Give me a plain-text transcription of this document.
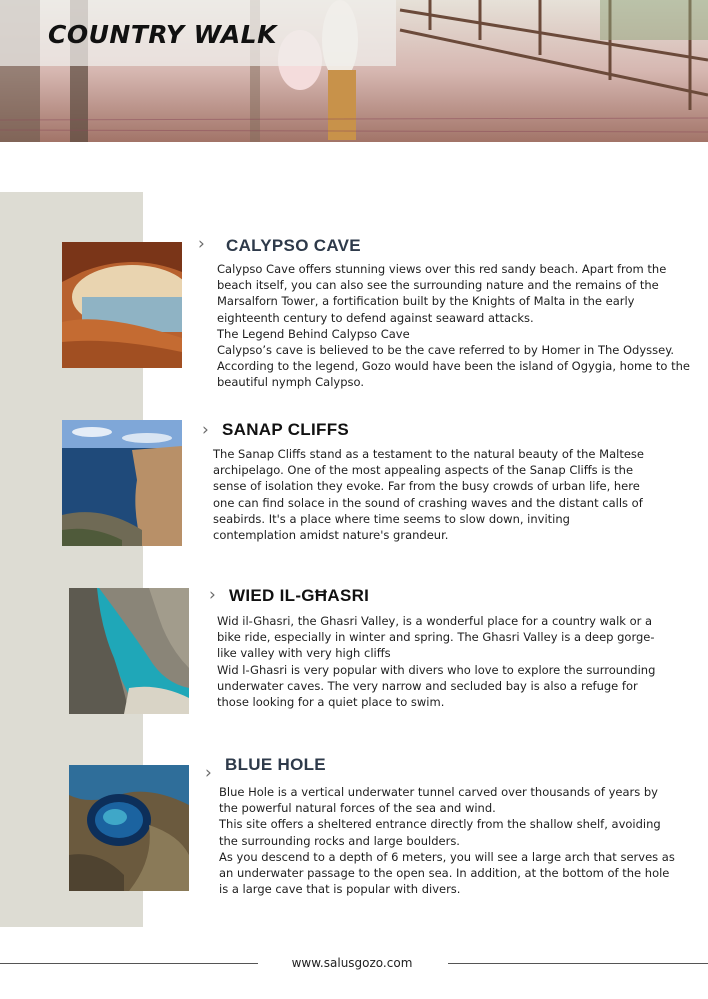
COUNTRY WALK
› CALYPSO CAVE

Calypso Cave offers stunning views over this red sandy beach. Apart from the beach itself, you can also see the surrounding nature and the remains of the Marsalforn Tower, a fortification built by the Knights of Malta in the early eighteenth century to defend against seaward attacks.

The Legend Behind Calypso Cave

Calypso’s cave is believed to be the cave referred to by Homer in The Odyssey. According to the legend, Gozo would have been the island of Ogygia, home to the beautiful nymph Calypso.

› SANAP CLIFFS

The Sanap Cliffs stand as a testament to the natural beauty of the Maltese archipelago. One of the most appealing aspects of the Sanap Cliffs is the sense of isolation they evoke. Far from the busy crowds of urban life, here one can find solace in the sound of crashing waves and the distant calls of seabirds. It's a place where time seems to slow down, inviting contemplation amidst nature's grandeur.

› WIED IL-GĦASRI

Wid il-Ghasri, the Ghasri Valley, is a wonderful place for a country walk or a bike ride, especially in winter and spring. The Ghasri Valley is a deep gorge-like valley with very high cliffs

Wid l-Ghasri is very popular with divers who love to explore the surrounding underwater caves. The very narrow and secluded bay is also a refuge for those looking for a quiet place to swim.

› BLUE HOLE

Blue Hole is a vertical underwater tunnel carved over thousands of years by the powerful natural forces of the sea and wind.

This site offers a sheltered entrance directly from the shallow shelf, avoiding the surrounding rocks and large boulders.

As you descend to a depth of 6 meters, you will see a large arch that serves as an underwater passage to the open sea. In addition, at the bottom of the hole is a large cave that is popular with divers.

www.salusgozo.com
